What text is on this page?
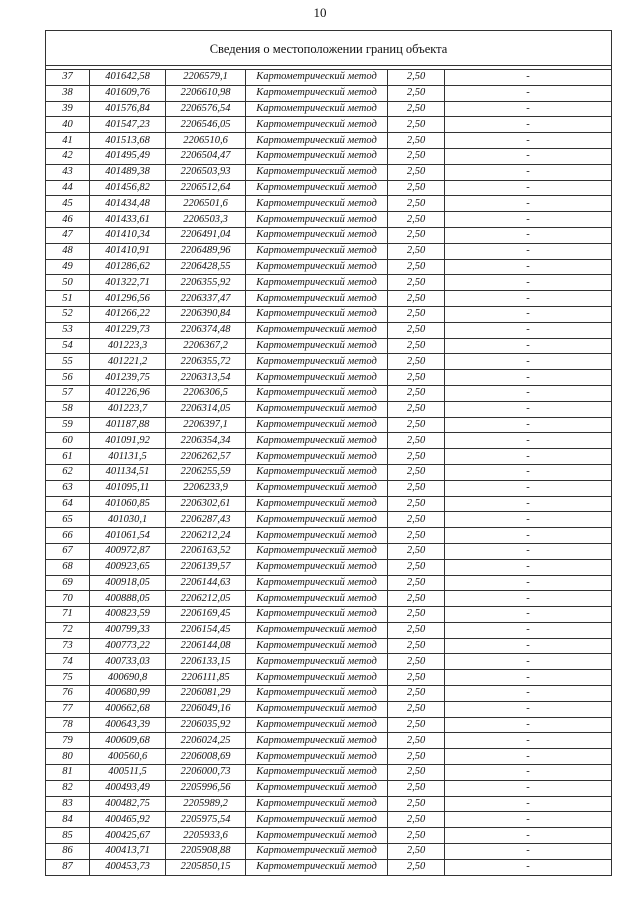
10
Сведения о местоположении границ объекта					

37	401642,58	2206579,1	Картометрический метод	2,50	-
38	401609,76	2206610,98	Картометрический метод	2,50	-
39	401576,84	2206576,54	Картометрический метод	2,50	-
40	401547,23	2206546,05	Картометрический метод	2,50	-
41	401513,68	2206510,6	Картометрический метод	2,50	-
42	401495,49	2206504,47	Картометрический метод	2,50	-
43	401489,38	2206503,93	Картометрический метод	2,50	-
44	401456,82	2206512,64	Картометрический метод	2,50	-
45	401434,48	2206501,6	Картометрический метод	2,50	-
46	401433,61	2206503,3	Картометрический метод	2,50	-
47	401410,34	2206491,04	Картометрический метод	2,50	-
48	401410,91	2206489,96	Картометрический метод	2,50	-
49	401286,62	2206428,55	Картометрический метод	2,50	-
50	401322,71	2206355,92	Картометрический метод	2,50	-
51	401296,56	2206337,47	Картометрический метод	2,50	-
52	401266,22	2206390,84	Картометрический метод	2,50	-
53	401229,73	2206374,48	Картометрический метод	2,50	-
54	401223,3	2206367,2	Картометрический метод	2,50	-
55	401221,2	2206355,72	Картометрический метод	2,50	-
56	401239,75	2206313,54	Картометрический метод	2,50	-
57	401226,96	2206306,5	Картометрический метод	2,50	-
58	401223,7	2206314,05	Картометрический метод	2,50	-
59	401187,88	2206397,1	Картометрический метод	2,50	-
60	401091,92	2206354,34	Картометрический метод	2,50	-
61	401131,5	2206262,57	Картометрический метод	2,50	-
62	401134,51	2206255,59	Картометрический метод	2,50	-
63	401095,11	2206233,9	Картометрический метод	2,50	-
64	401060,85	2206302,61	Картометрический метод	2,50	-
65	401030,1	2206287,43	Картометрический метод	2,50	-
66	401061,54	2206212,24	Картометрический метод	2,50	-
67	400972,87	2206163,52	Картометрический метод	2,50	-
68	400923,65	2206139,57	Картометрический метод	2,50	-
69	400918,05	2206144,63	Картометрический метод	2,50	-
70	400888,05	2206212,05	Картометрический метод	2,50	-
71	400823,59	2206169,45	Картометрический метод	2,50	-
72	400799,33	2206154,45	Картометрический метод	2,50	-
73	400773,22	2206144,08	Картометрический метод	2,50	-
74	400733,03	2206133,15	Картометрический метод	2,50	-
75	400690,8	2206111,85	Картометрический метод	2,50	-
76	400680,99	2206081,29	Картометрический метод	2,50	-
77	400662,68	2206049,16	Картометрический метод	2,50	-
78	400643,39	2206035,92	Картометрический метод	2,50	-
79	400609,68	2206024,25	Картометрический метод	2,50	-
80	400560,6	2206008,69	Картометрический метод	2,50	-
81	400511,5	2206000,73	Картометрический метод	2,50	-
82	400493,49	2205996,56	Картометрический метод	2,50	-
83	400482,75	2205989,2	Картометрический метод	2,50	-
84	400465,92	2205975,54	Картометрический метод	2,50	-
85	400425,67	2205933,6	Картометрический метод	2,50	-
86	400413,71	2205908,88	Картометрический метод	2,50	-
87	400453,73	2205850,15	Картометрический метод	2,50	-
